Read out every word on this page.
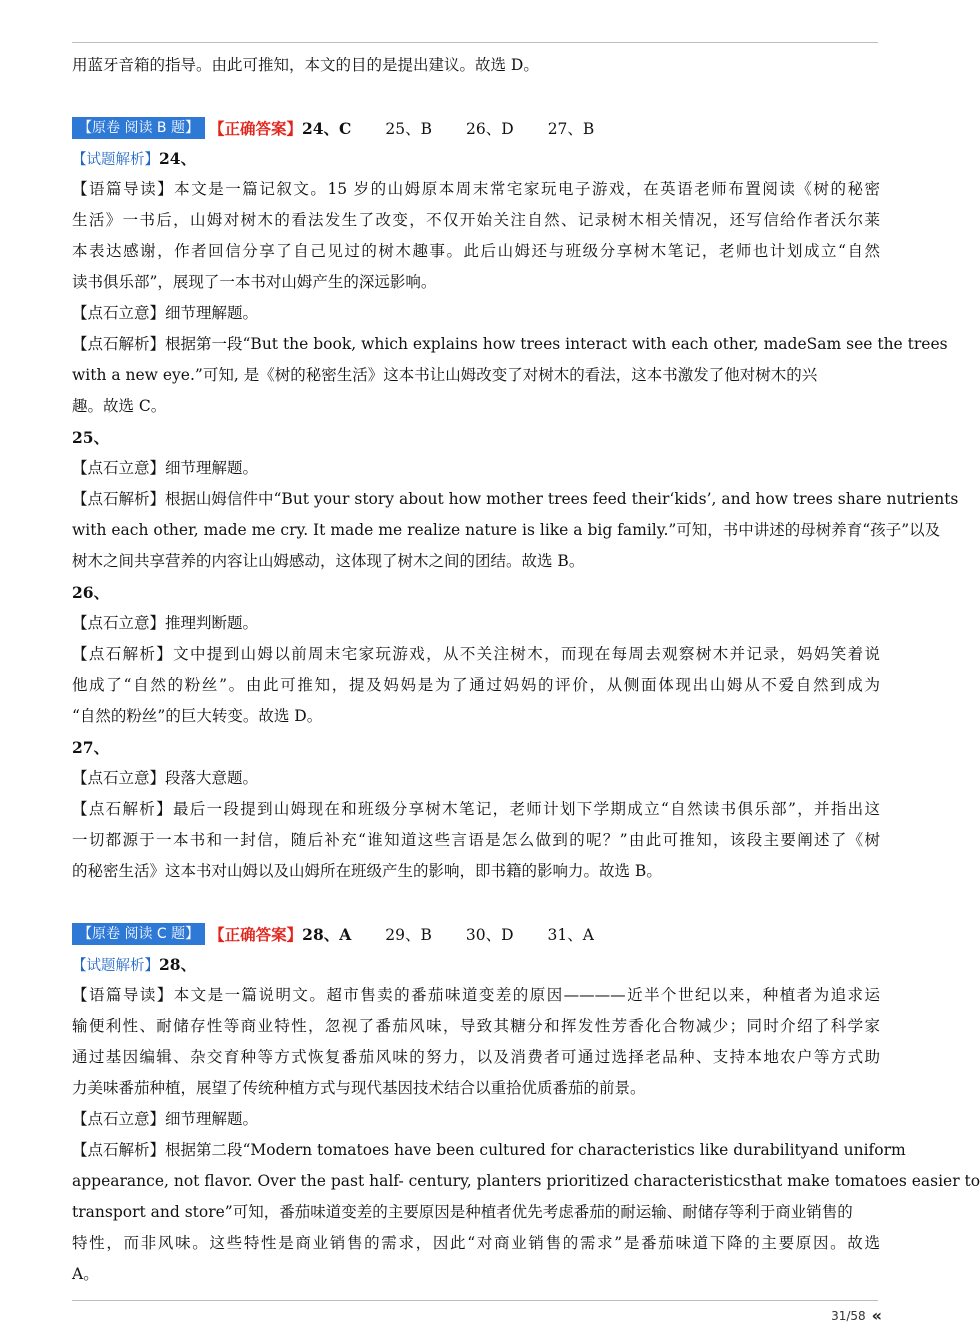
用蓝牙音箱的指导。由此可推知，本文的目的是提出建议。故选 D。
【原卷 阅读 B 题】 【正确答案】 24、C 25、B 26、D 27、B
【试题解析】24、
【语篇导读】本文是一篇记叙文。15 岁的山姆原本周末常宅家玩电子游戏，在英语老师布置阅读《树的秘密
生活》一书后，山姆对树木的看法发生了改变，不仅开始关注自然、记录树木相关情况，还写信给作者沃尔莱
本表达感谢，作者回信分享了自己见过的树木趣事。此后山姆还与班级分享树木笔记，老师也计划成立“自然
读书俱乐部”，展现了一本书对山姆产生的深远影响。
【点石立意】细节理解题。
【点石解析】根据第一段“But the book, which explains how trees interact with each other, madeSam see the trees
with a new eye.”可知, 是《树的秘密生活》这本书让山姆改变了对树木的看法，这本书激发了他对树木的兴
趣。故选 C。
25、
【点石立意】细节理解题。
【点石解析】根据山姆信件中“But your story about how mother trees feed their‘kids’, and how trees share nutrients
with each other, made me cry. It made me realize nature is like a big family.”可知，书中讲述的母树养育“孩子”以及
树木之间共享营养的内容让山姆感动，这体现了树木之间的团结。故选 B。
26、
【点石立意】推理判断题。
【点石解析】文中提到山姆以前周末宅家玩游戏，从不关注树木，而现在每周去观察树木并记录，妈妈笑着说
他成了“自然的粉丝”。由此可推知，提及妈妈是为了通过妈妈的评价，从侧面体现出山姆从不爱自然到成为
“自然的粉丝”的巨大转变。故选 D。
27、
【点石立意】段落大意题。
【点石解析】最后一段提到山姆现在和班级分享树木笔记，老师计划下学期成立“自然读书俱乐部”，并指出这
一切都源于一本书和一封信，随后补充“谁知道这些言语是怎么做到的呢？”由此可推知，该段主要阐述了《树
的秘密生活》这本书对山姆以及山姆所在班级产生的影响，即书籍的影响力。故选 B。
【原卷 阅读 C 题】 【正确答案】 28、A 29、B 30、D 31、A
【试题解析】28、
【语篇导读】本文是一篇说明文。超市售卖的番茄味道变差的原因————近半个世纪以来，种植者为追求运
输便利性、耐储存性等商业特性，忽视了番茄风味，导致其糖分和挥发性芳香化合物减少；同时介绍了科学家
通过基因编辑、杂交育种等方式恢复番茄风味的努力，以及消费者可通过选择老品种、支持本地农户等方式助
力美味番茄种植，展望了传统种植方式与现代基因技术结合以重拾优质番茄的前景。
【点石立意】细节理解题。
【点石解析】根据第二段“Modern tomatoes have been cultured for characteristics like durabilityand uniform
appearance, not flavor. Over the past half- century, planters prioritized characteristicsthat make tomatoes easier to
transport and store”可知，番茄味道变差的主要原因是种植者优先考虑番茄的耐运输、耐储存等利于商业销售的
特性，而非风味。这些特性是商业销售的需求，因此“对商业销售的需求”是番茄味道下降的主要原因。故选
A。
31/58 «
